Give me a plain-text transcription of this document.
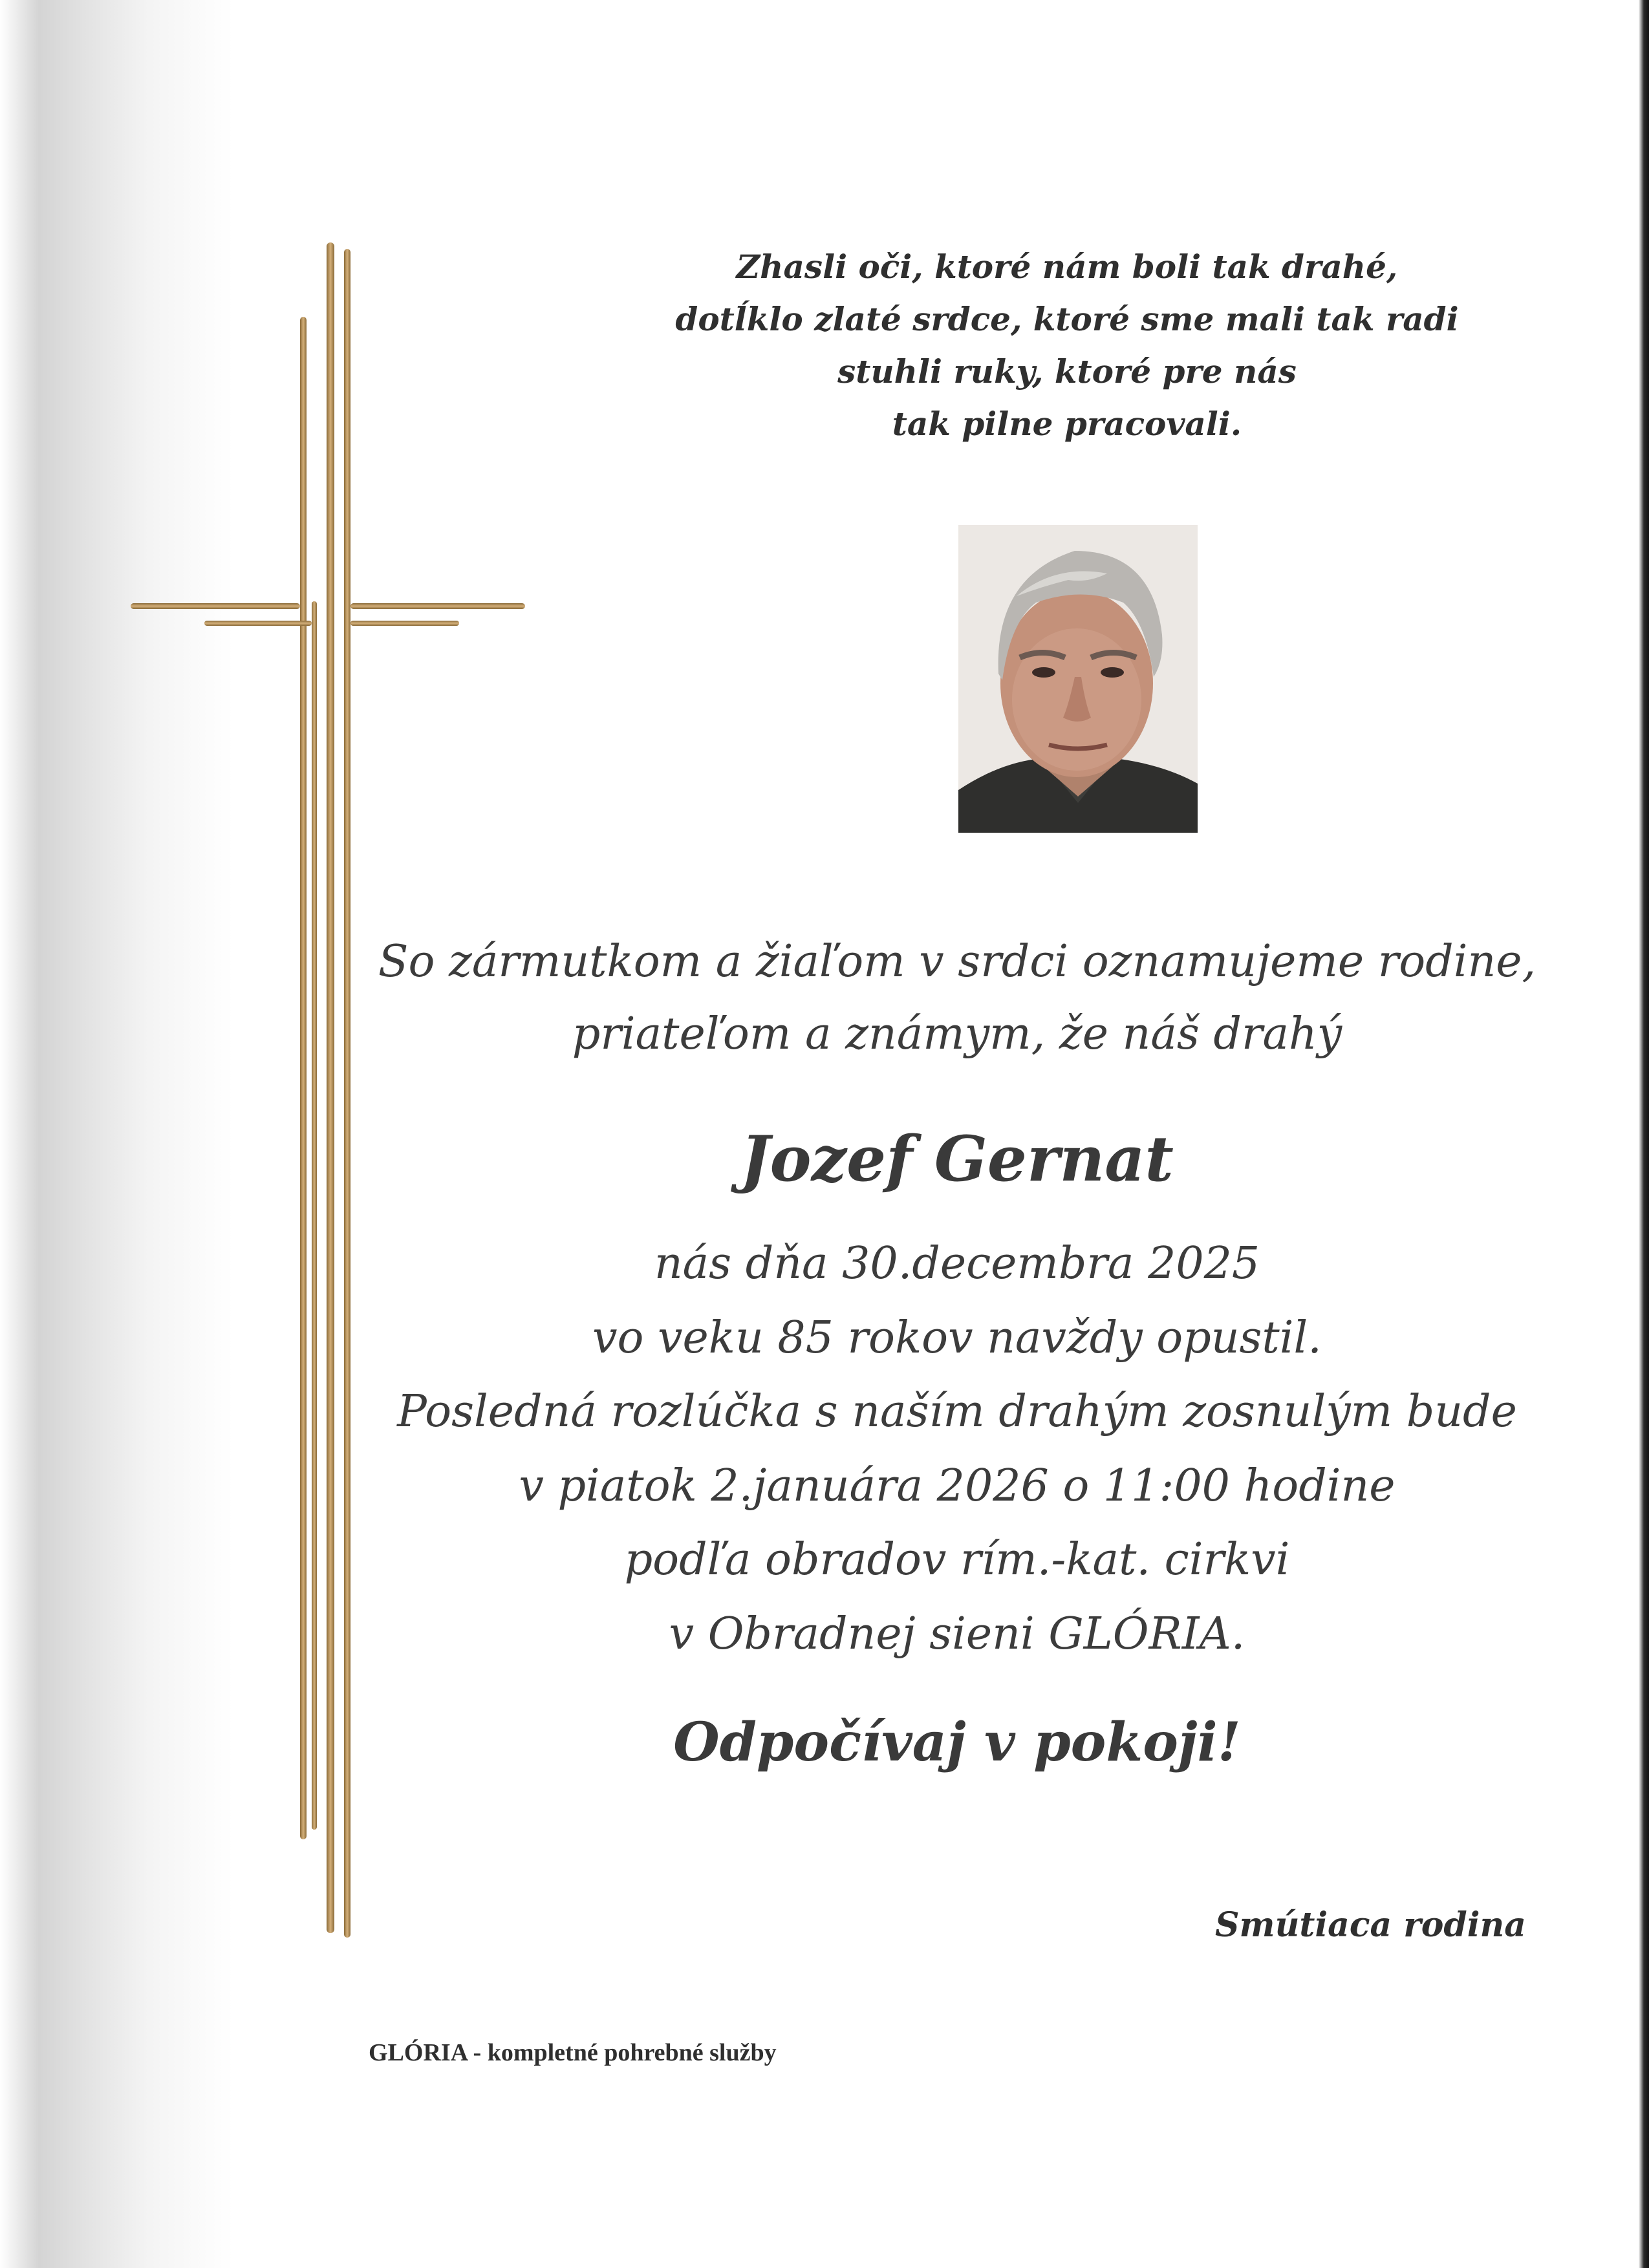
Zhasli oči, ktoré nám boli tak drahé,
dotĺklo zlaté srdce, ktoré sme mali tak radi
stuhli ruky, ktoré pre nás
tak pilne pracovali.
So zármutkom a žiaľom v srdci oznamujeme rodine,
priateľom a známym, že náš drahý
Jozef Gernat
nás dňa 30.decembra 2025
vo veku 85 rokov navždy opustil.
Posledná rozlúčka s naším drahým zosnulým bude
v piatok 2.januára 2026 o 11:00 hodine
podľa obradov rím.-kat. cirkvi
v Obradnej sieni GLÓRIA.
Odpočívaj v pokoji!
Smútiaca rodina
GLÓRIA - kompletné pohrebné služby
